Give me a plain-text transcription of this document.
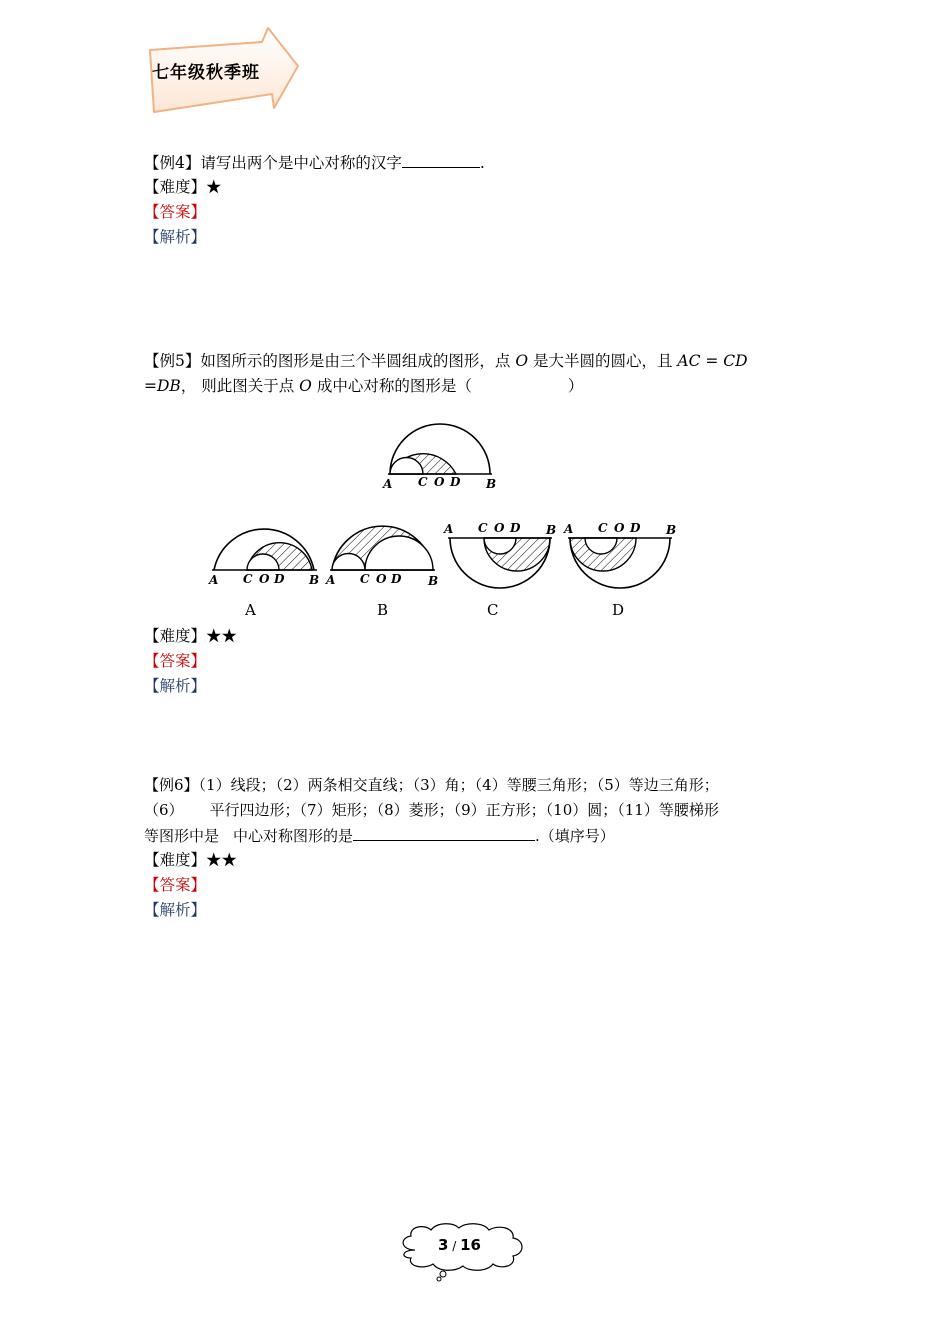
七年级秋季班
【例4】请写出两个是中心对称的汉字	.
【难度】★
【答案】
【解析】
【例5】如图所示的图形是由三个半圆组成的图形，点 O 是大半圆的圆心，且 AC = CD
=DB， 则此图关于点 O 成中心对称的图形是（	）
A C O D B
A C O D B A C O D B
A C O D B A C O D B
A	B	C	D
【难度】★★
【答案】
【解析】
【例6】（1）线段；（2）两条相交直线；（3）角；（4）等腰三角形；（5）等边三角形；
（6） 平行四边形；（7）矩形；（8）菱形；（9）正方形；（10）圆；（11）等腰梯形
等图形中是 中心对称图形的是	.（填序号）
【难度】★★
【答案】
【解析】
3 / 16
